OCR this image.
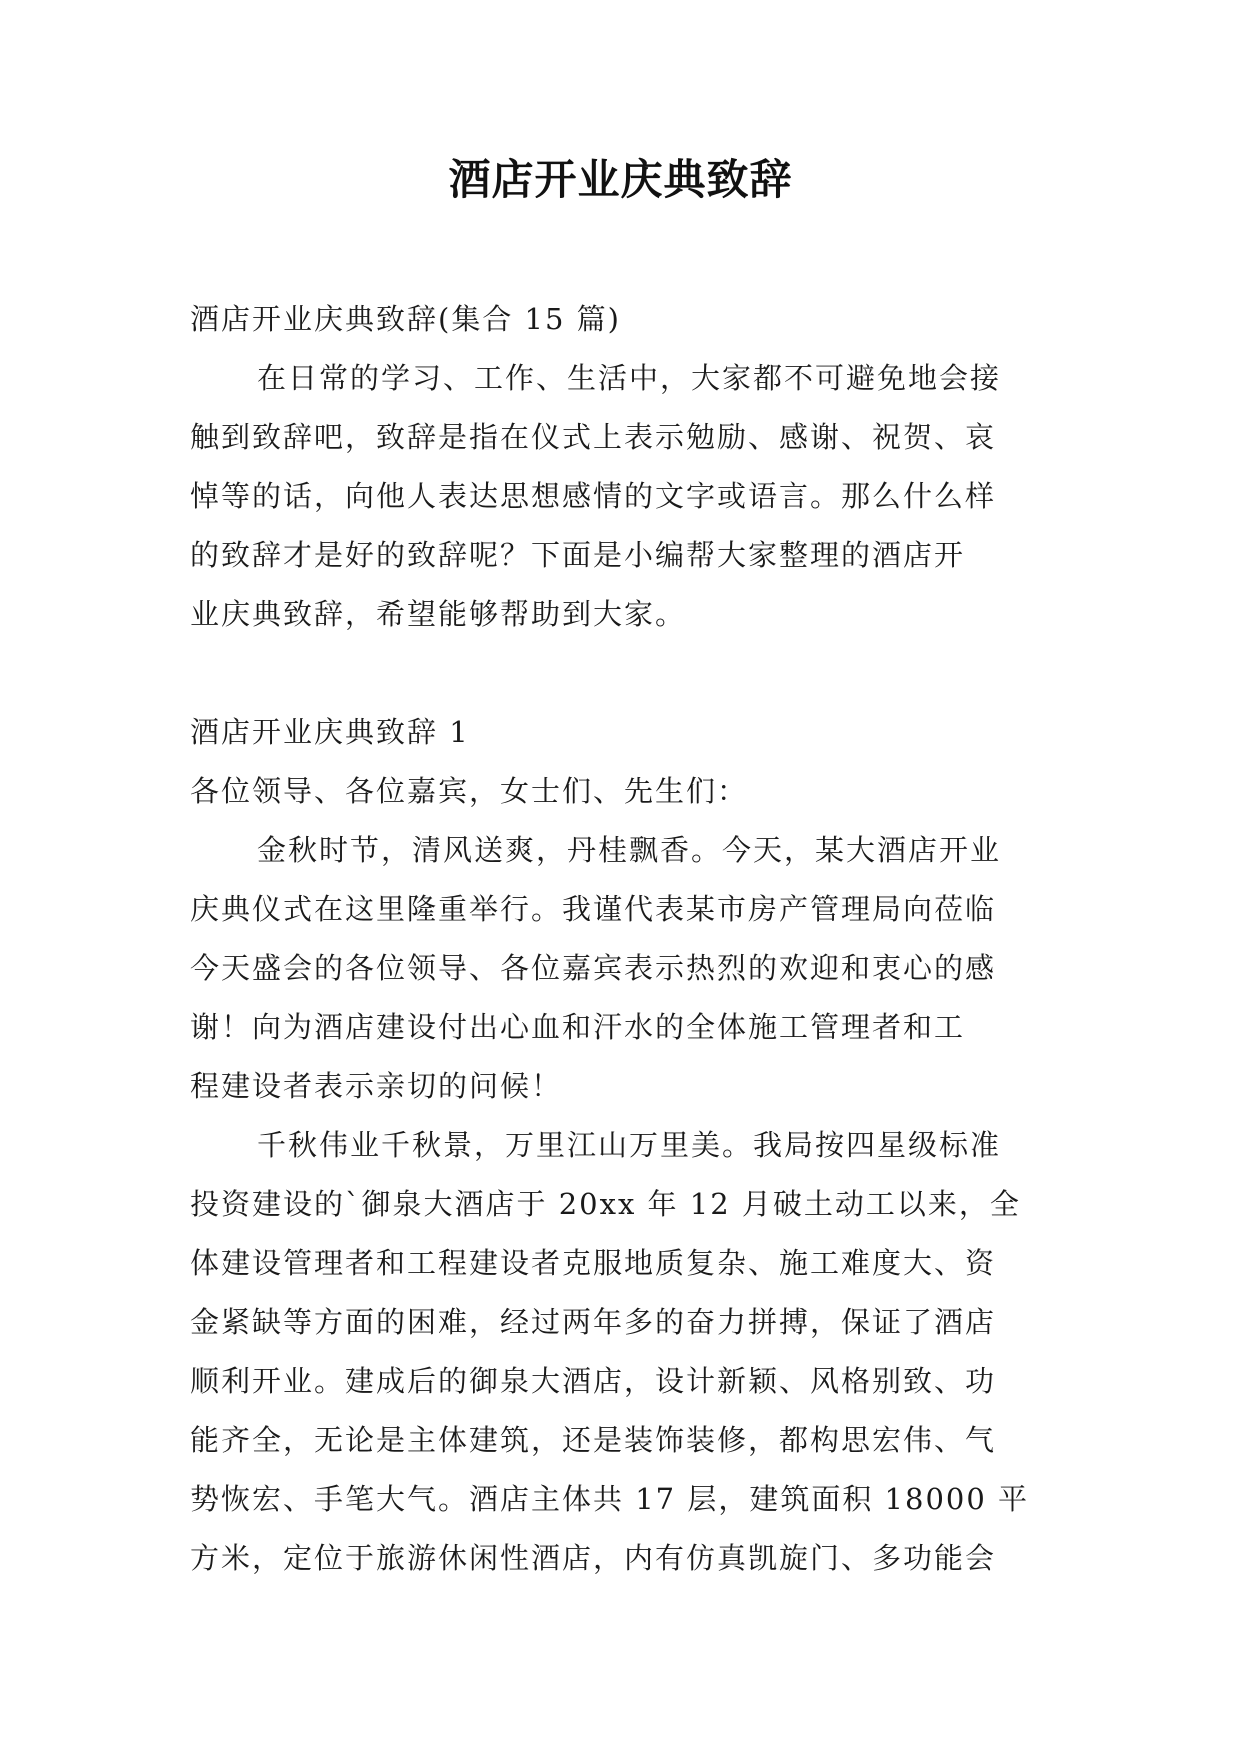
酒店开业庆典致辞
酒店开业庆典致辞(集合 15 篇)
在日常的学习、工作、生活中，大家都不可避免地会接
触到致辞吧，致辞是指在仪式上表示勉励、感谢、祝贺、哀
悼等的话，向他人表达思想感情的文字或语言。那么什么样
的致辞才是好的致辞呢？下面是小编帮大家整理的酒店开
业庆典致辞，希望能够帮助到大家。
酒店开业庆典致辞 1
各位领导、各位嘉宾，女士们、先生们：
金秋时节，清风送爽，丹桂飘香。今天，某大酒店开业
庆典仪式在这里隆重举行。我谨代表某市房产管理局向莅临
今天盛会的各位领导、各位嘉宾表示热烈的欢迎和衷心的感
谢！向为酒店建设付出心血和汗水的全体施工管理者和工
程建设者表示亲切的问候！
千秋伟业千秋景，万里江山万里美。我局按四星级标准
投资建设的`御泉大酒店于 20xx 年 12 月破土动工以来，全
体建设管理者和工程建设者克服地质复杂、施工难度大、资
金紧缺等方面的困难，经过两年多的奋力拼搏，保证了酒店
顺利开业。建成后的御泉大酒店，设计新颖、风格别致、功
能齐全，无论是主体建筑，还是装饰装修，都构思宏伟、气
势恢宏、手笔大气。酒店主体共 17 层，建筑面积 18000 平
方米，定位于旅游休闲性酒店，内有仿真凯旋门、多功能会
